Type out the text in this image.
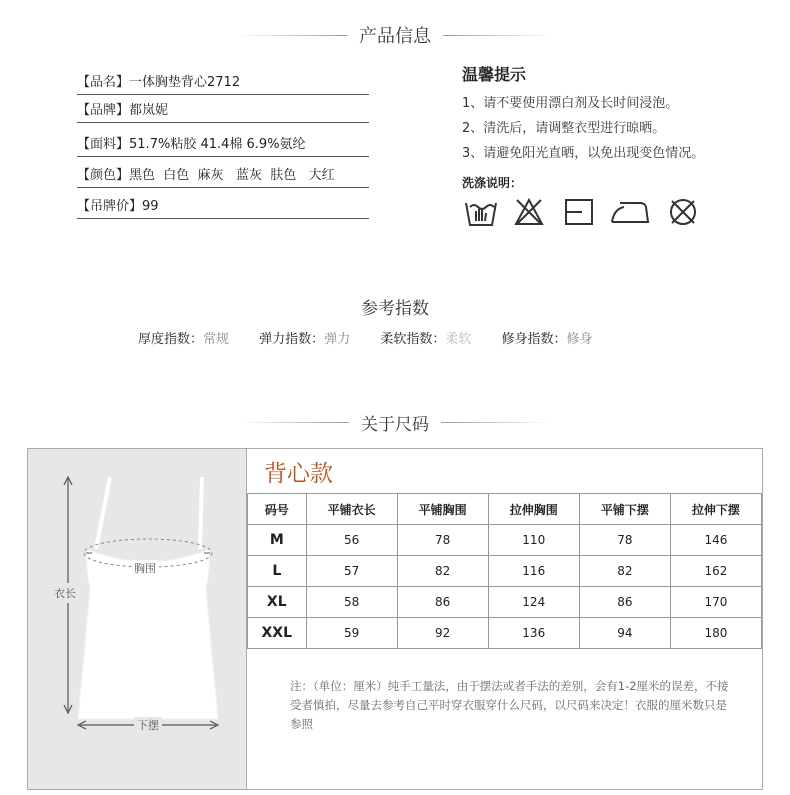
产品信息
【品名】一体胸垫背心2712
【品牌】都岚妮
【面料】51.7%粘胶 41.4棉 6.9%氨纶
【颜色】黑色  白色  麻灰   蓝灰  肤色   大红
【吊牌价】99
温馨提示
1、请不要使用漂白剂及长时间浸泡。
2、清洗后，请调整衣型进行晾晒。
3、请避免阳光直晒，以免出现变色情况。
洗涤说明：
参考指数
厚度指数：常规 弹力指数：弹力 柔软指数：柔软 修身指数：修身
关于尺码
衣长
胸围
下摆
背心款
码号	平铺衣长	平铺胸围	拉伸胸围	平铺下摆	拉伸下摆
M	56	78	110	78	146
L	57	82	116	82	162
XL	58	86	124	86	170
XXL	59	92	136	94	180
注：（单位：厘米）纯手工量法，由于摆法或者手法的差别，会有1-2厘米的误差，不接受者慎拍，尽量去参考自己平时穿衣服穿什么尺码，以尺码来决定！衣服的厘米数只是参照
